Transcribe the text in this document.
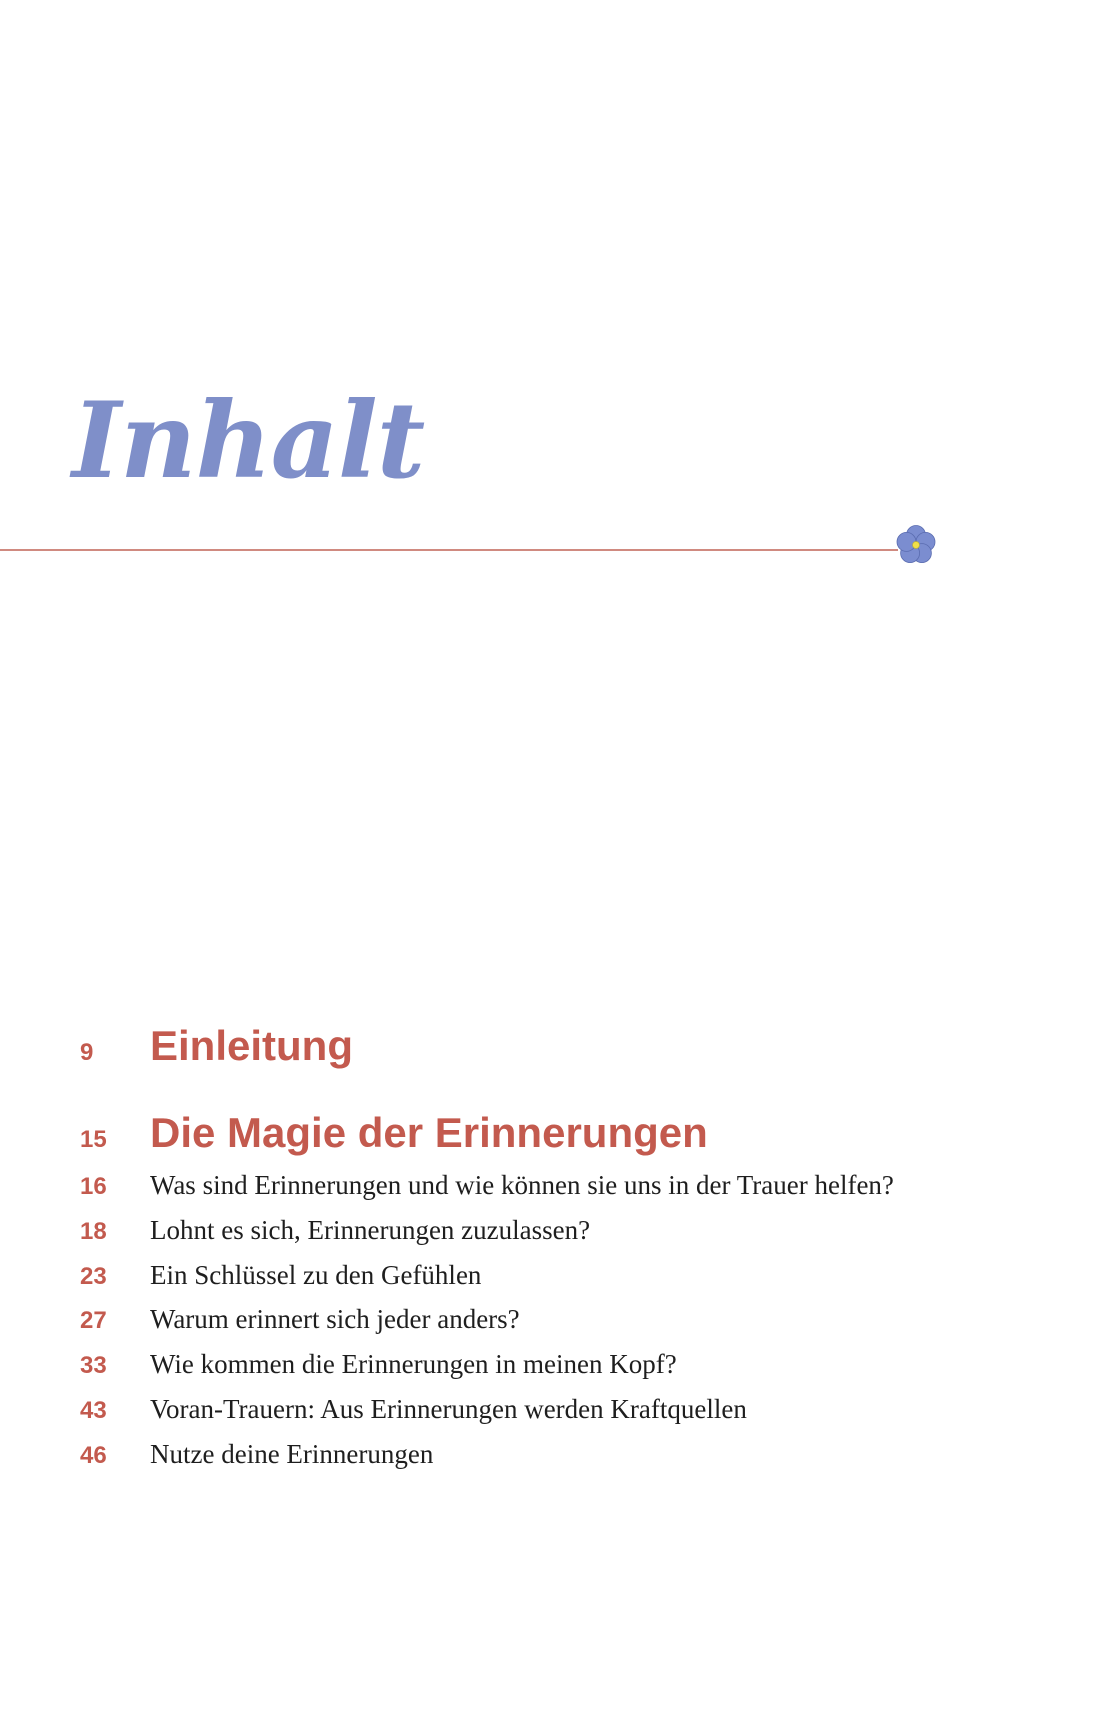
Inhalt
9	Einleitung
15	Die Magie der Erinnerungen
16	Was sind Erinnerungen und wie können sie uns in der Trauer helfen?
18	Lohnt es sich, Erinnerungen zuzulassen?
23	Ein Schlüssel zu den Gefühlen
27	Warum erinnert sich jeder anders?
33	Wie kommen die Erinnerungen in meinen Kopf?
43	Voran-Trauern: Aus Erinnerungen werden Kraftquellen
46	Nutze deine Erinnerungen
